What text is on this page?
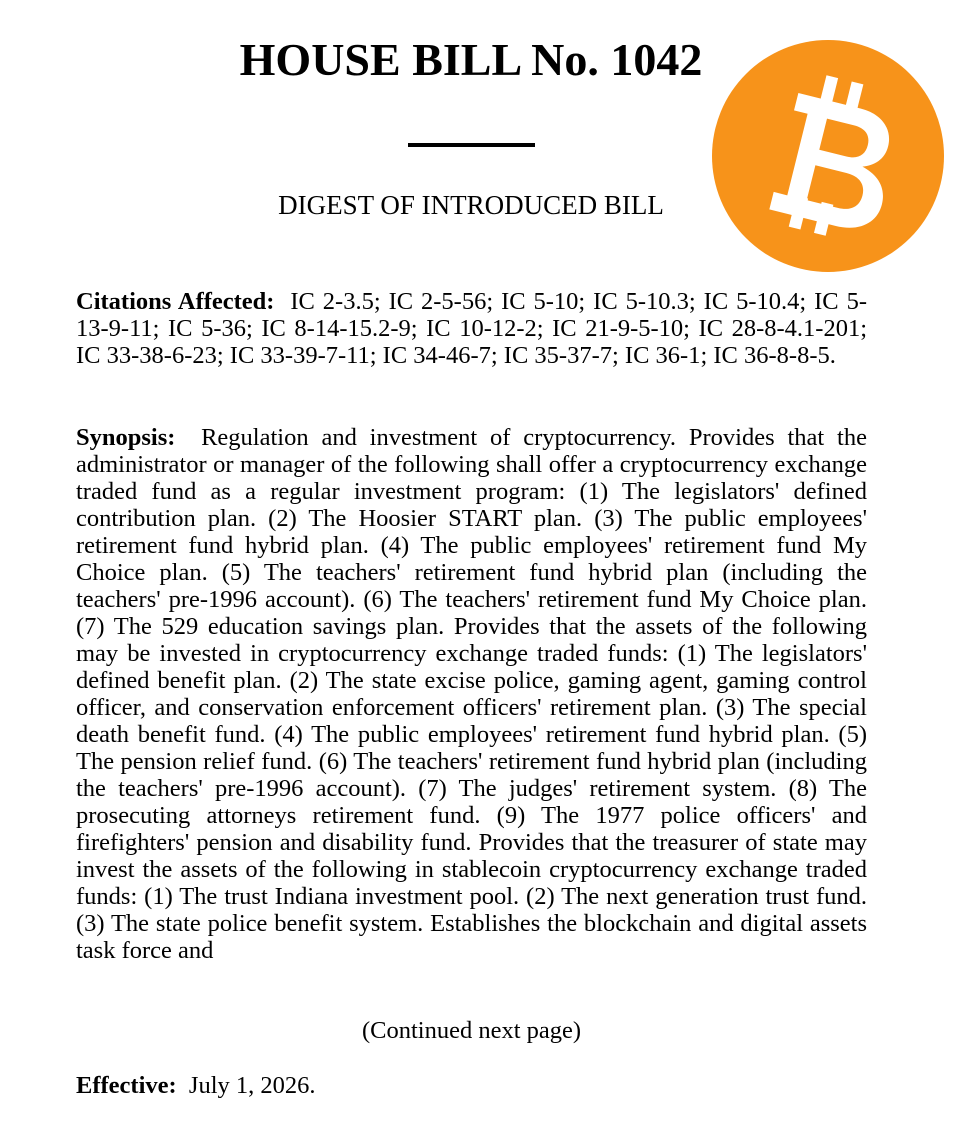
HOUSE BILL No. 1042
DIGEST OF INTRODUCED BILL
Citations Affected:  IC 2-3.5; IC 2-5-56; IC 5-10; IC 5-10.3; IC 5-10.4; IC 5-13-9-11; IC 5-36; IC 8-14-15.2-9; IC 10-12-2; IC 21-9-5-10; IC 28-8-4.1-201; IC 33-38-6-23; IC 33-39-7-11; IC 34-46-7; IC 35-37-7; IC 36-1; IC 36-8-8-5.
Synopsis:  Regulation and investment of cryptocurrency. Provides that the administrator or manager of the following shall offer a cryptocurrency exchange traded fund as a regular investment program: (1) The legislators' defined contribution plan. (2) The Hoosier START plan. (3) The public employees' retirement fund hybrid plan. (4) The public employees' retirement fund My Choice plan. (5) The teachers' retirement fund hybrid plan (including the teachers' pre-1996 account). (6) The teachers' retirement fund My Choice plan. (7) The 529 education savings plan. Provides that the assets of the following may be invested in cryptocurrency exchange traded funds: (1) The legislators' defined benefit plan. (2) The state excise police, gaming agent, gaming control officer, and conservation enforcement officers' retirement plan. (3) The special death benefit fund. (4) The public employees' retirement fund hybrid plan. (5) The pension relief fund. (6) The teachers' retirement fund hybrid plan (including the teachers' pre-1996 account). (7) The judges' retirement system. (8) The prosecuting attorneys retirement fund. (9) The 1977 police officers' and firefighters' pension and disability fund. Provides that the treasurer of state may invest the assets of the following in stablecoin cryptocurrency exchange traded funds: (1) The trust Indiana investment pool. (2) The next generation trust fund. (3) The state police benefit system. Establishes the blockchain and digital assets task force and
(Continued next page)
Effective:  July 1, 2026.
